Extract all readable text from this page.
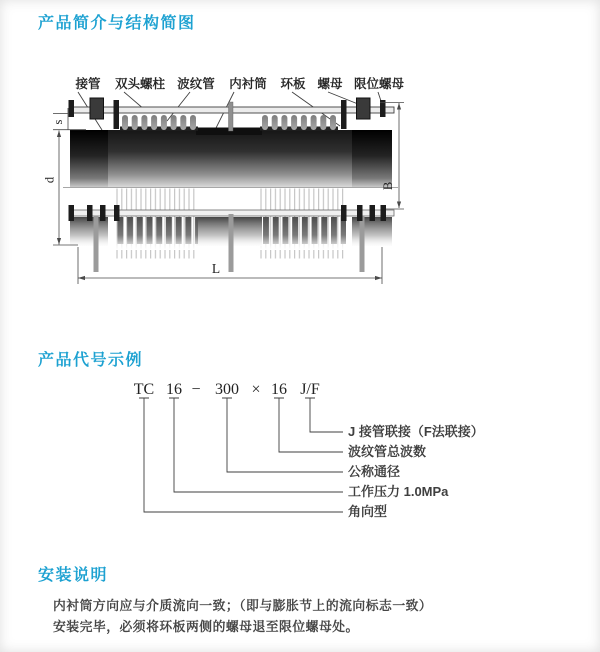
产品简介与结构简图
接管 双头螺柱 波纹管 内衬筒 环板 螺母 限位螺母
s
d
B
L
产品代号示例
TC 16 − 300 × 16 J/F
J 接管联接（F法联接）
波纹管总波数
公称通径
工作压力 1.0MPa
角向型
安装说明

内衬筒方向应与介质流向一致；（即与膨胀节上的流向标志一致）

安装完毕，必须将环板两侧的螺母退至限位螺母处。
